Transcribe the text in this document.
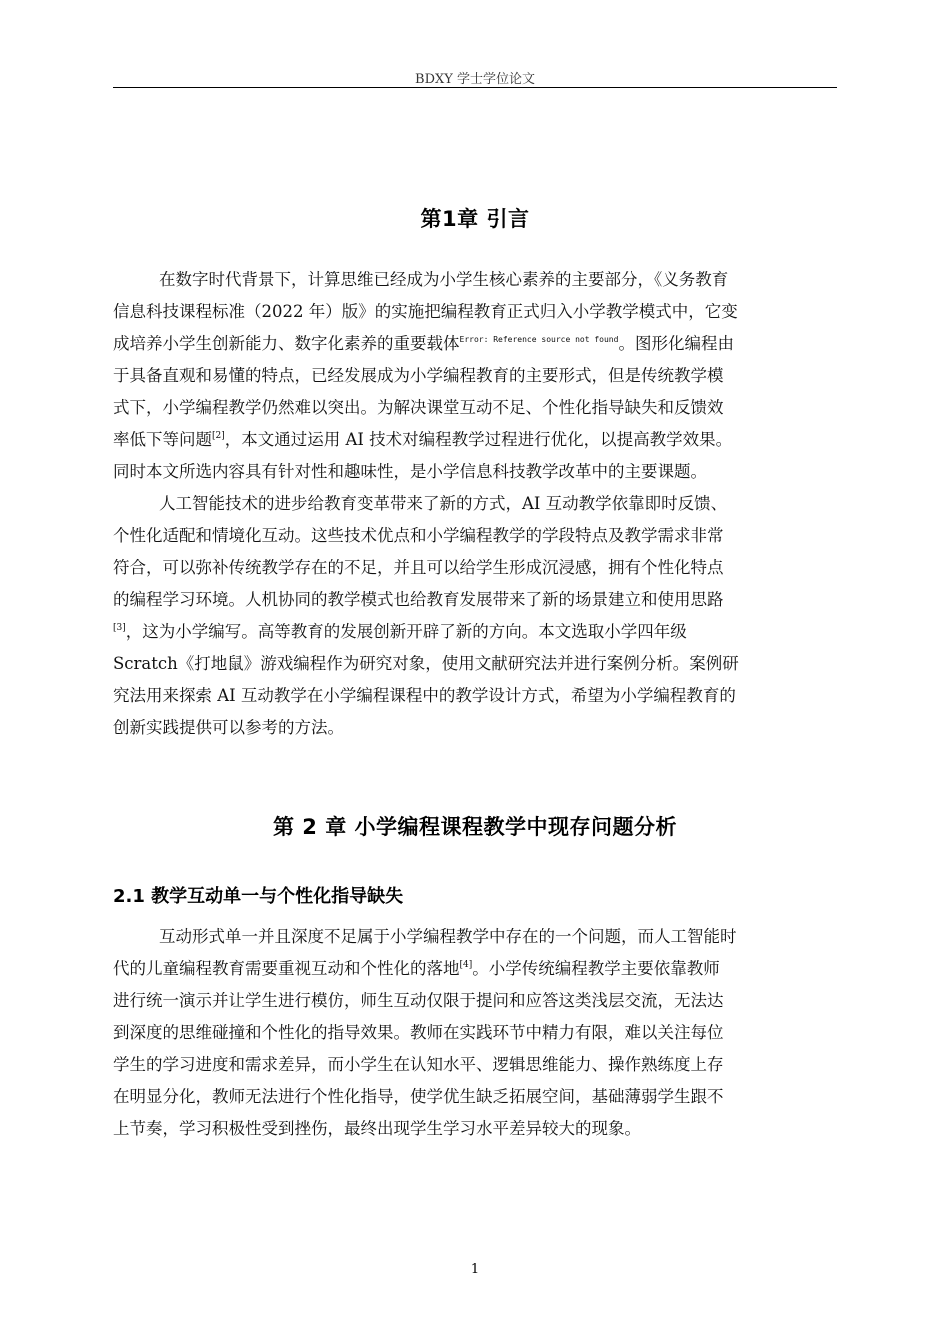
BDXY 学士学位论文
第1章 引言
在数字时代背景下，计算思维已经成为小学生核心素养的主要部分，《义务教育
信息科技课程标准（2022 年）版》的实施把编程教育正式归入小学教学模式中，它变
成培养小学生创新能力、数字化素养的重要载体$^{Error: Reference source not found}$。图形化编程由
于具备直观和易懂的特点，已经发展成为小学编程教育的主要形式，但是传统教学模
式下，小学编程教学仍然难以突出。为解决课堂互动不足、个性化指导缺失和反馈效
率低下等问题[2]，本文通过运用 AI 技术对编程教学过程进行优化，以提高教学效果。
同时本文所选内容具有针对性和趣味性，是小学信息科技教学改革中的主要课题。
人工智能技术的进步给教育变革带来了新的方式，AI 互动教学依靠即时反馈、
个性化适配和情境化互动。这些技术优点和小学编程教学的学段特点及教学需求非常
符合，可以弥补传统教学存在的不足，并且可以给学生形成沉浸感，拥有个性化特点
的编程学习环境。人机协同的教学模式也给教育发展带来了新的场景建立和使用思路
[3]，这为小学编写。高等教育的发展创新开辟了新的方向。本文选取小学四年级
Scratch《打地鼠》游戏编程作为研究对象，使用文献研究法并进行案例分析。案例研
究法用来探索 AI 互动教学在小学编程课程中的教学设计方式，希望为小学编程教育的
创新实践提供可以参考的方法。
第 2 章 小学编程课程教学中现存问题分析
2.1 教学互动单一与个性化指导缺失
互动形式单一并且深度不足属于小学编程教学中存在的一个问题，而人工智能时
代的儿童编程教育需要重视互动和个性化的落地[4]。小学传统编程教学主要依靠教师
进行统一演示并让学生进行模仿，师生互动仅限于提问和应答这类浅层交流，无法达
到深度的思维碰撞和个性化的指导效果。教师在实践环节中精力有限，难以关注每位
学生的学习进度和需求差异，而小学生在认知水平、逻辑思维能力、操作熟练度上存
在明显分化，教师无法进行个性化指导，使学优生缺乏拓展空间，基础薄弱学生跟不
上节奏，学习积极性受到挫伤，最终出现学生学习水平差异较大的现象。
1
